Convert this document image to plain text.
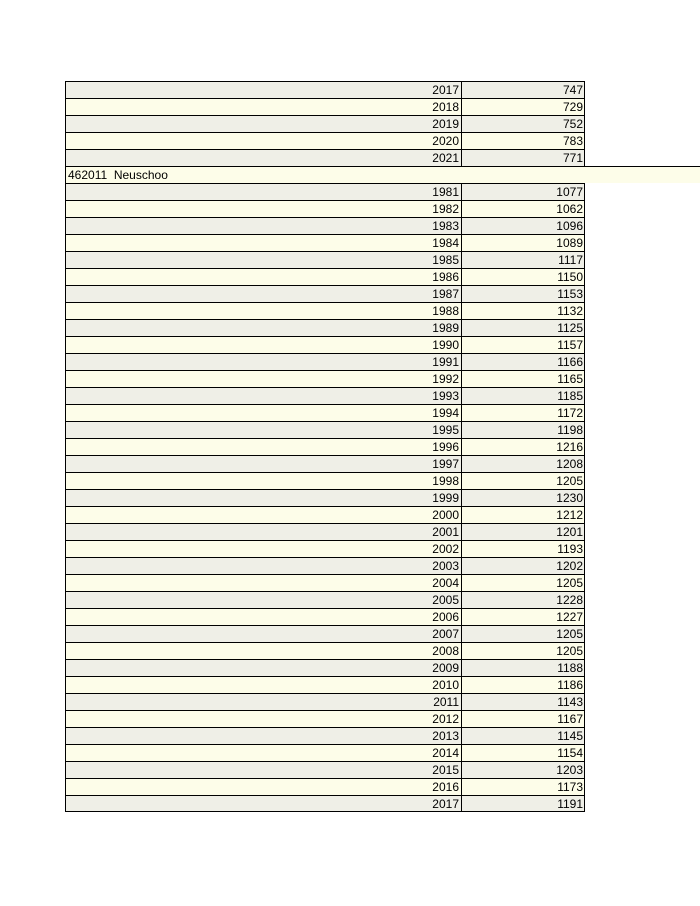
2017	747
2018	729
2019	752
2020	783
2021	771
462011 Neuschoo
1981	1077
1982	1062
1983	1096
1984	1089
1985	1117
1986	1150
1987	1153
1988	1132
1989	1125
1990	1157
1991	1166
1992	1165
1993	1185
1994	1172
1995	1198
1996	1216
1997	1208
1998	1205
1999	1230
2000	1212
2001	1201
2002	1193
2003	1202
2004	1205
2005	1228
2006	1227
2007	1205
2008	1205
2009	1188
2010	1186
2011	1143
2012	1167
2013	1145
2014	1154
2015	1203
2016	1173
2017	1191
